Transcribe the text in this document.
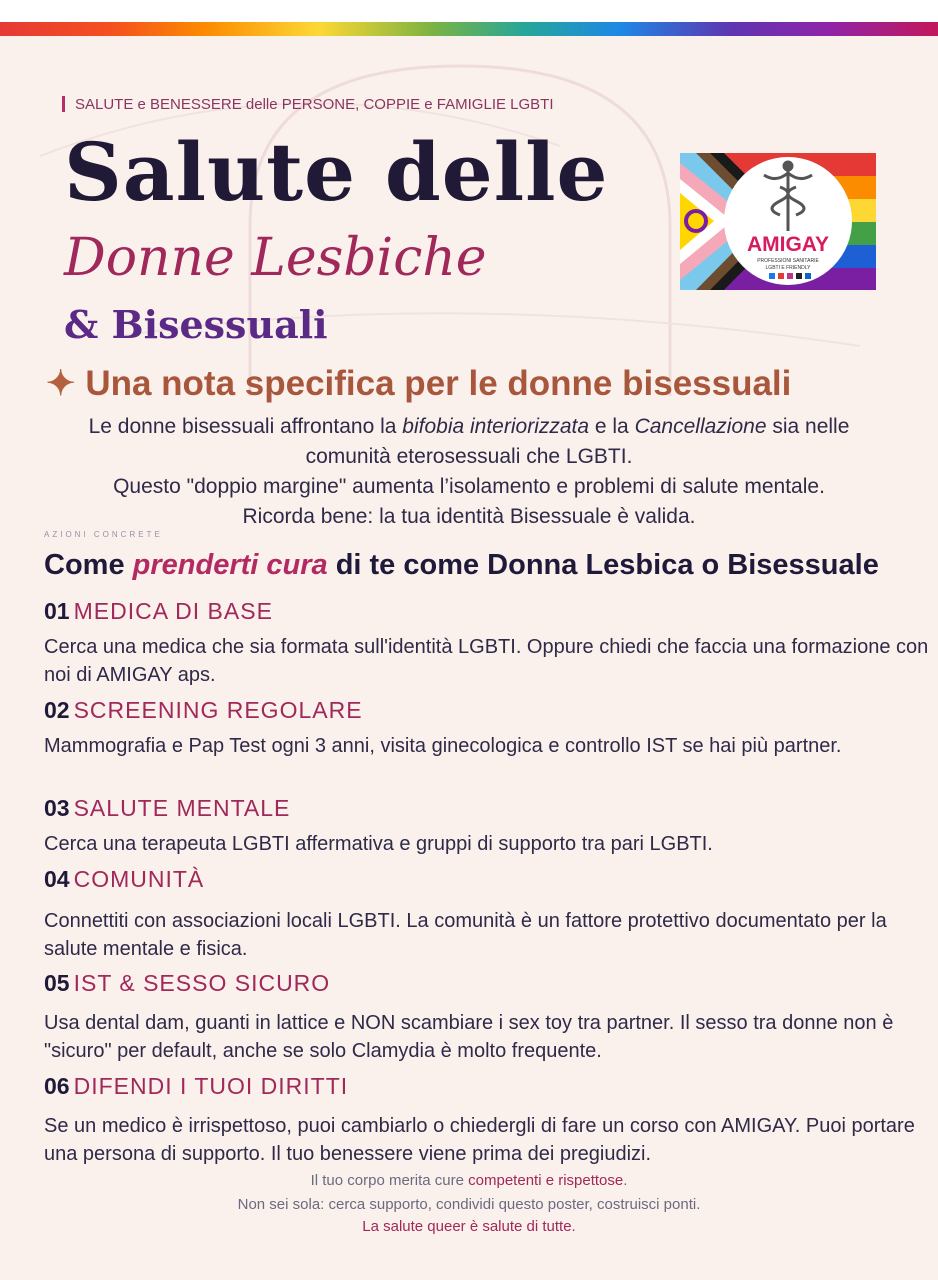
SALUTE e BENESSERE delle PERSONE, COPPIE e FAMIGLIE LGBTI
Salute delle
Donne Lesbiche
& Bisessuali
AMIGAY
PROFESSIONI SANITARIE
LGBTI E FRIENDLY
✦ Una nota specifica per le donne bisessuali
Le donne bisessuali affrontano la bifobia interiorizzata e la Cancellazione sia nelle
comunità eterosessuali che LGBTI.
Questo "doppio margine" aumenta l’isolamento e problemi di salute mentale.
Ricorda bene: la tua identità Bisessuale è valida.
AZIONI CONCRETE
Come prenderti cura di te come Donna Lesbica o Bisessuale
01 MEDICA DI BASE
Cerca una medica che sia formata sull'identità LGBTI. Oppure chiedi che faccia una formazione con noi di AMIGAY aps.
02 SCREENING REGOLARE
Mammografia e Pap Test ogni 3 anni, visita ginecologica e controllo IST se hai più partner.
03 SALUTE MENTALE
Cerca una terapeuta LGBTI affermativa e gruppi di supporto tra pari LGBTI.
04 COMUNITÀ
Connettiti con associazioni locali LGBTI. La comunità è un fattore protettivo documentato per la salute mentale e fisica.
05 IST & SESSO SICURO
Usa dental dam, guanti in lattice e NON scambiare i sex toy tra partner. Il sesso tra donne non è "sicuro" per default, anche se solo Clamydia è molto frequente.
06 DIFENDI I TUOI DIRITTI
Se un medico è irrispettoso, puoi cambiarlo o chiedergli di fare un corso con AMIGAY. Puoi portare una persona di supporto. Il tuo benessere viene prima dei pregiudizi.
Il tuo corpo merita cure competenti e rispettose.
Non sei sola: cerca supporto, condividi questo poster, costruisci ponti.
La salute queer è salute di tutte.
